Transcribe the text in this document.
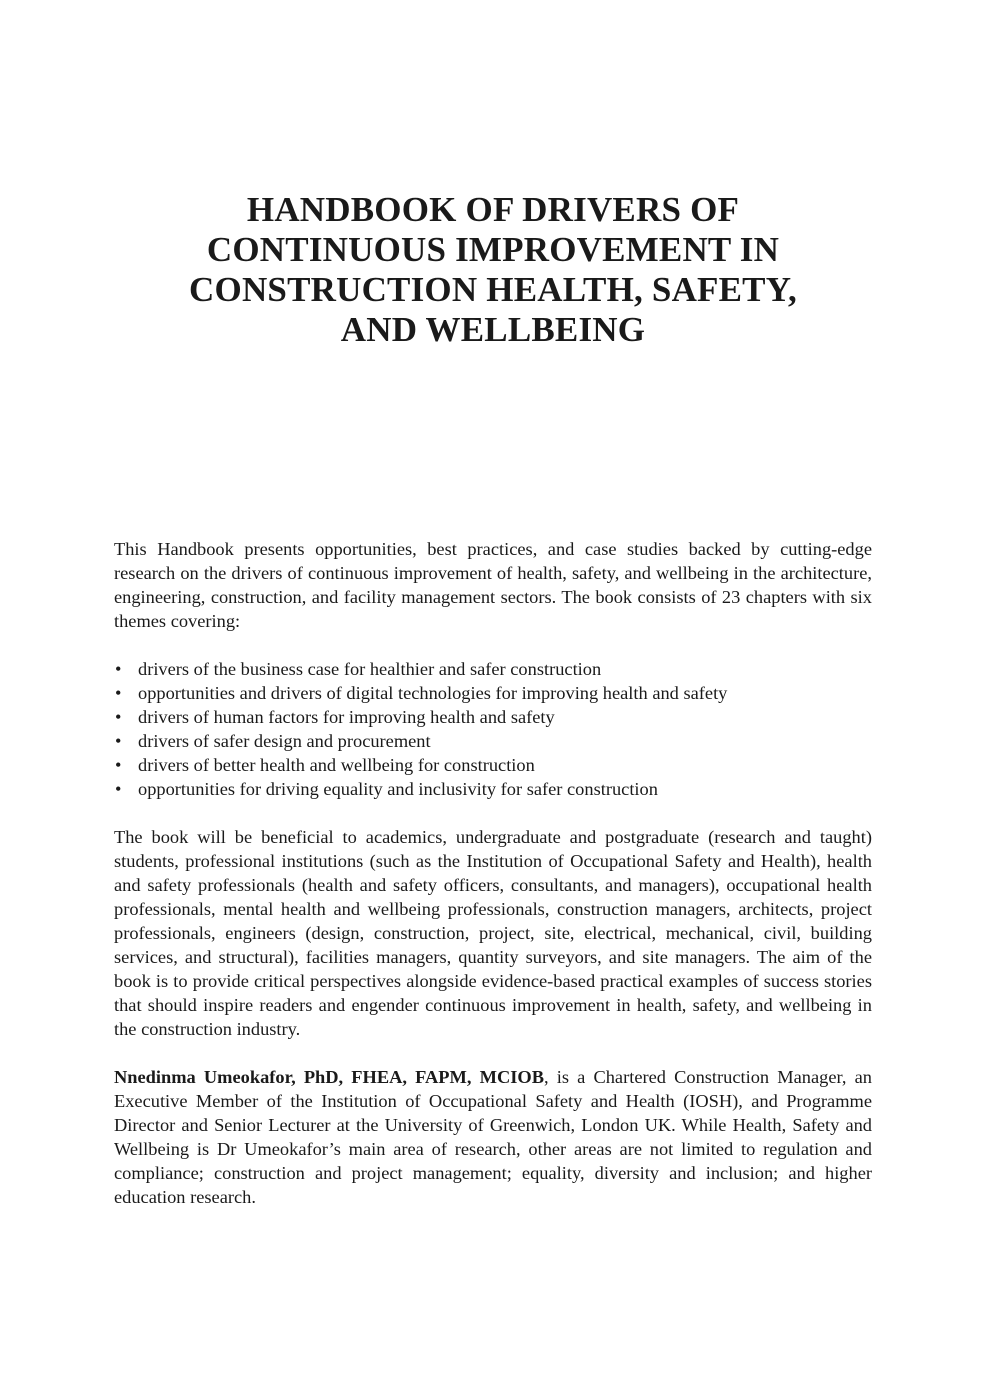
HANDBOOK OF DRIVERS OF
CONTINUOUS IMPROVEMENT IN
CONSTRUCTION HEALTH, SAFETY,
AND WELLBEING

This Handbook presents opportunities, best practices, and case studies backed by cutting-edge research on the drivers of continuous improvement of health, safety, and wellbeing in the architecture, engineering, construction, and facility management sectors. The book consists of 23 chapters with six themes covering:

• drivers of the business case for healthier and safer construction
• opportunities and drivers of digital technologies for improving health and safety
• drivers of human factors for improving health and safety
• drivers of safer design and procurement
• drivers of better health and wellbeing for construction
• opportunities for driving equality and inclusivity for safer construction

The book will be beneficial to academics, undergraduate and postgraduate (research and taught) students, professional institutions (such as the Institution of Occupational Safety and Health), health and safety professionals (health and safety officers, consultants, and managers), occupational health professionals, mental health and wellbeing professionals, construction managers, architects, project professionals, engineers (design, construction, project, site, electrical, mechanical, civil, building services, and structural), facilities managers, quantity surveyors, and site managers. The aim of the book is to provide critical perspectives alongside evidence-based practical examples of success stories that should inspire readers and engender continuous improvement in health, safety, and wellbeing in the construction industry.

Nnedinma Umeokafor, PhD, FHEA, FAPM, MCIOB, is a Chartered Construction Manager, an Executive Member of the Institution of Occupational Safety and Health (IOSH), and Programme Director and Senior Lecturer at the University of Greenwich, London UK. While Health, Safety and Wellbeing is Dr Umeokafor’s main area of research, other areas are not limited to regulation and compliance; construction and project management; equality, diversity and inclusion; and higher education research.
